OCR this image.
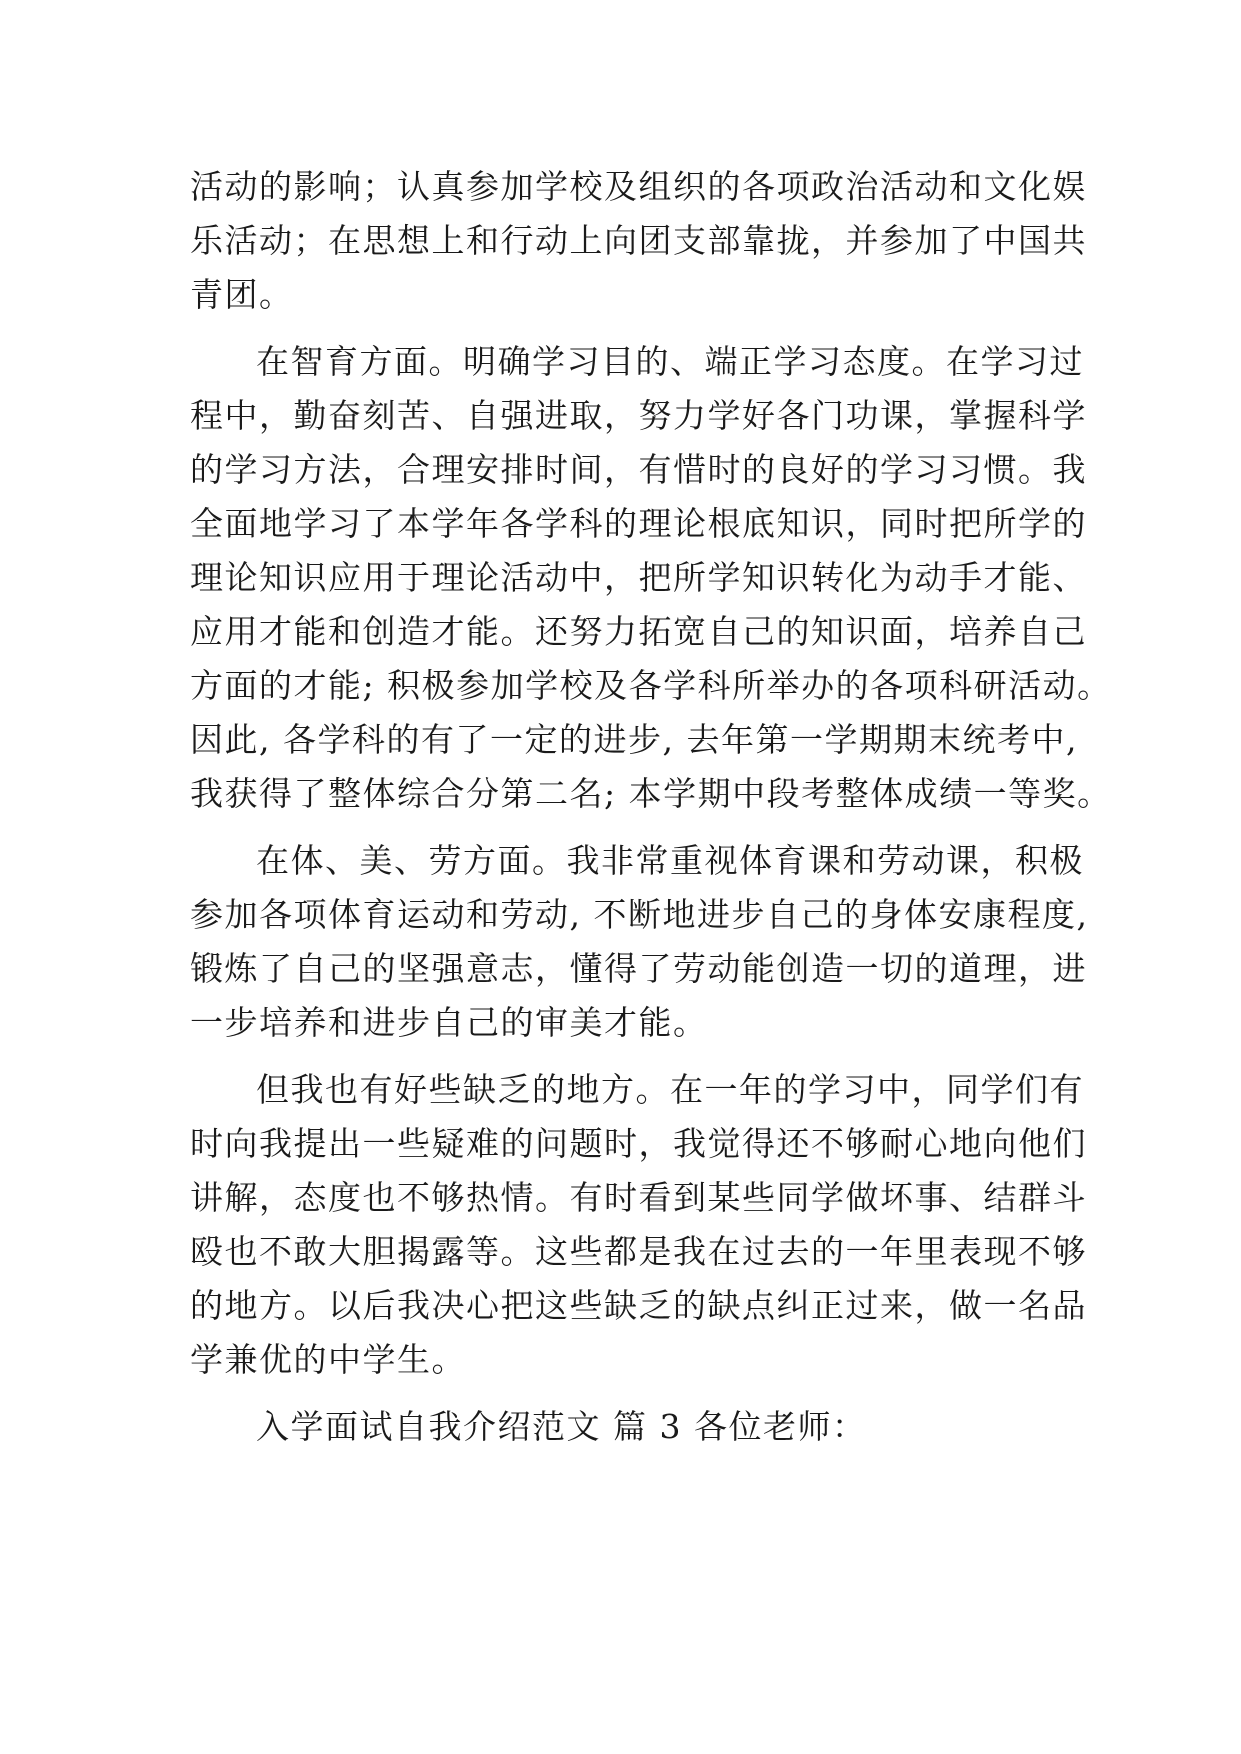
活动的影响；认真参加学校及组织的各项政治活动和文化娱
乐活动；在思想上和行动上向团支部靠拢，并参加了中国共
青团。
在智育方面。明确学习目的、端正学习态度。在学习过
程中，勤奋刻苦、自强进取，努力学好各门功课，掌握科学
的学习方法，合理安排时间，有惜时的良好的学习习惯。我
全面地学习了本学年各学科的理论根底知识，同时把所学的
理论知识应用于理论活动中，把所学知识转化为动手才能、
应用才能和创造才能。还努力拓宽自己的知识面，培养自己
方面的才能; 积极参加学校及各学科所举办的各项科研活动。
因此, 各学科的有了一定的进步, 去年第一学期期末统考中,
我获得了整体综合分第二名; 本学期中段考整体成绩一等奖。
在体、美、劳方面。我非常重视体育课和劳动课，积极
参加各项体育运动和劳动, 不断地进步自己的身体安康程度,
锻炼了自己的坚强意志，懂得了劳动能创造一切的道理，进
一步培养和进步自己的审美才能。
但我也有好些缺乏的地方。在一年的学习中，同学们有
时向我提出一些疑难的问题时，我觉得还不够耐心地向他们
讲解，态度也不够热情。有时看到某些同学做坏事、结群斗
殴也不敢大胆揭露等。这些都是我在过去的一年里表现不够
的地方。以后我决心把这些缺乏的缺点纠正过来，做一名品
学兼优的中学生。
入学面试自我介绍范文 篇 3 各位老师：
